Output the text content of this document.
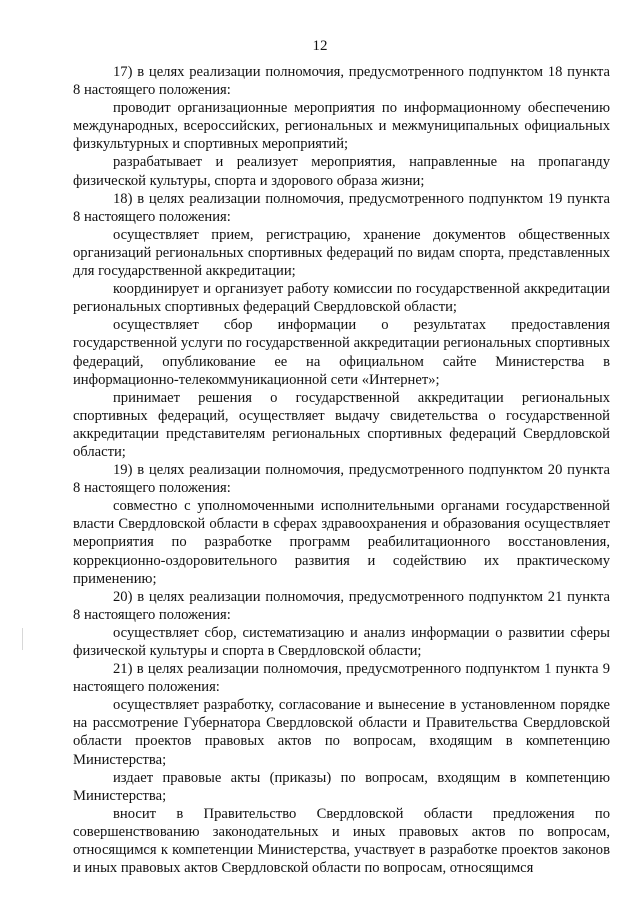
12

17) в целях реализации полномочия, предусмотренного подпунктом 18 пункта 8 настоящего положения:

проводит организационные мероприятия по информационному обеспечению международных, всероссийских, региональных и межмуниципальных официальных физкультурных и спортивных мероприятий;

разрабатывает и реализует мероприятия, направленные на пропаганду физической культуры, спорта и здорового образа жизни;

18) в целях реализации полномочия, предусмотренного подпунктом 19 пункта 8 настоящего положения:

осуществляет прием, регистрацию, хранение документов общественных организаций региональных спортивных федераций по видам спорта, представленных для государственной аккредитации;

координирует и организует работу комиссии по государственной аккредитации региональных спортивных федераций Свердловской области;

осуществляет сбор информации о результатах предоставления государственной услуги по государственной аккредитации региональных спортивных федераций, опубликование ее на официальном сайте Министерства в информационно-телекоммуникационной сети «Интернет»;

принимает решения о государственной аккредитации региональных спортивных федераций, осуществляет выдачу свидетельства о государственной аккредитации представителям региональных спортивных федераций Свердловской области;

19) в целях реализации полномочия, предусмотренного подпунктом 20 пункта 8 настоящего положения:

совместно с уполномоченными исполнительными органами государственной власти Свердловской области в сферах здравоохранения и образования осуществляет мероприятия по разработке программ реабилитационного восстановления, коррекционно-оздоровительного развития и содействию их практическому применению;

20) в целях реализации полномочия, предусмотренного подпунктом 21 пункта 8 настоящего положения:

осуществляет сбор, систематизацию и анализ информации о развитии сферы физической культуры и спорта в Свердловской области;

21) в целях реализации полномочия, предусмотренного подпунктом 1 пункта 9 настоящего положения:

осуществляет разработку, согласование и вынесение в установленном порядке на рассмотрение Губернатора Свердловской области и Правительства Свердловской области проектов правовых актов по вопросам, входящим в компетенцию Министерства;

издает правовые акты (приказы) по вопросам, входящим в компетенцию Министерства;

вносит в Правительство Свердловской области предложения по совершенствованию законодательных и иных правовых актов по вопросам, относящимся к компетенции Министерства, участвует в разработке проектов законов и иных правовых актов Свердловской области по вопросам, относящимся
